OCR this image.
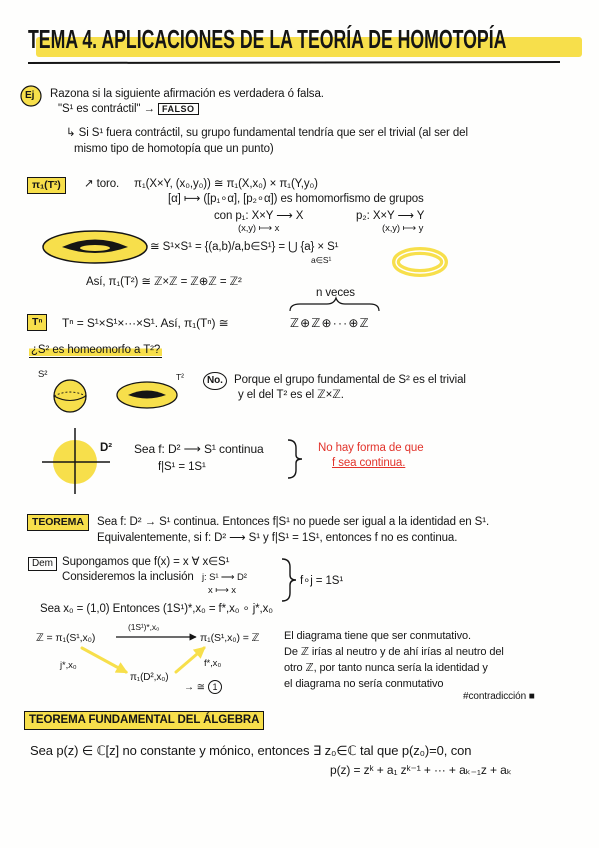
TEMA 4. APLICACIONES DE LA TEORÍA DE HOMOTOPÍA
Ej Razona si la siguiente afirmación es verdadera ó falsa.
"S¹ es contráctil" → FALSO
↳ Si S¹ fuera contráctil, su grupo fundamental tendría que ser el trivial (al ser del
mismo tipo de homotopía que un punto)
π₁(T²)	↗ toro. π₁(X×Y, (x₀,y₀)) ≅ π₁(X,x₀) × π₁(Y,y₀)
[α] ⟼ ([p₁∘α], [p₂∘α]) es homomorfismo de grupos
con p₁: X×Y ⟶ X
(x,y) ⟼ x
p₂: X×Y ⟶ Y
(x,y) ⟼ y
≅ S¹×S¹ = {(a,b)/a,b∈S¹} = ⋃ {a} × S¹
a∈S¹
Así, π₁(T²) ≅ ℤ×ℤ = ℤ⊕ℤ = ℤ²
n veces
Tⁿ	Tⁿ = S¹×S¹×···×S¹. Así, π₁(Tⁿ) ≅	ℤ⊕ℤ⊕···⊕ℤ
¿S² es homeomorfo a T²?
S²	T²	No. Porque el grupo fundamental de S² es el trivial
y el del T² es el ℤ×ℤ.
D² Sea f: D² ⟶ S¹ continua
f|S¹ = 1S¹
No hay forma de que
f sea continua.
TEOREMA	Sea f: D² → S¹ continua. Entonces f|S¹ no puede ser igual a la identidad en S¹.
Equivalentemente, si f: D² ⟶ S¹ y f|S¹ = 1S¹, entonces f no es continua.
Dem Supongamos que f(x) = x ∀ x∈S¹
Consideremos la inclusión j: S¹ ⟶ D²
x ⟼ x
f∘j = 1S¹
Sea x₀ = (1,0) Entonces (1S¹)*,x₀ = f*,x₀ ∘ j*,x₀
ℤ = π₁(S¹,x₀)
(1S¹)*,x₀
π₁(S¹,x₀) = ℤ
j*,x₀	f*,x₀
π₁(D²,x₀)
→ ≅ 1
El diagrama tiene que ser conmutativo.
De ℤ irías al neutro y de ahí irías al neutro del
otro ℤ, por tanto nunca sería la identidad y
el diagrama no sería conmutativo
#contradicción ■
TEOREMA FUNDAMENTAL DEL ÁLGEBRA
Sea p(z) ∈ ℂ[z] no constante y mónico, entonces ∃ z₀∈ℂ tal que p(z₀)=0, con
p(z) = zᵏ + a₁ zᵏ⁻¹ + ··· + aₖ₋₁z + aₖ
